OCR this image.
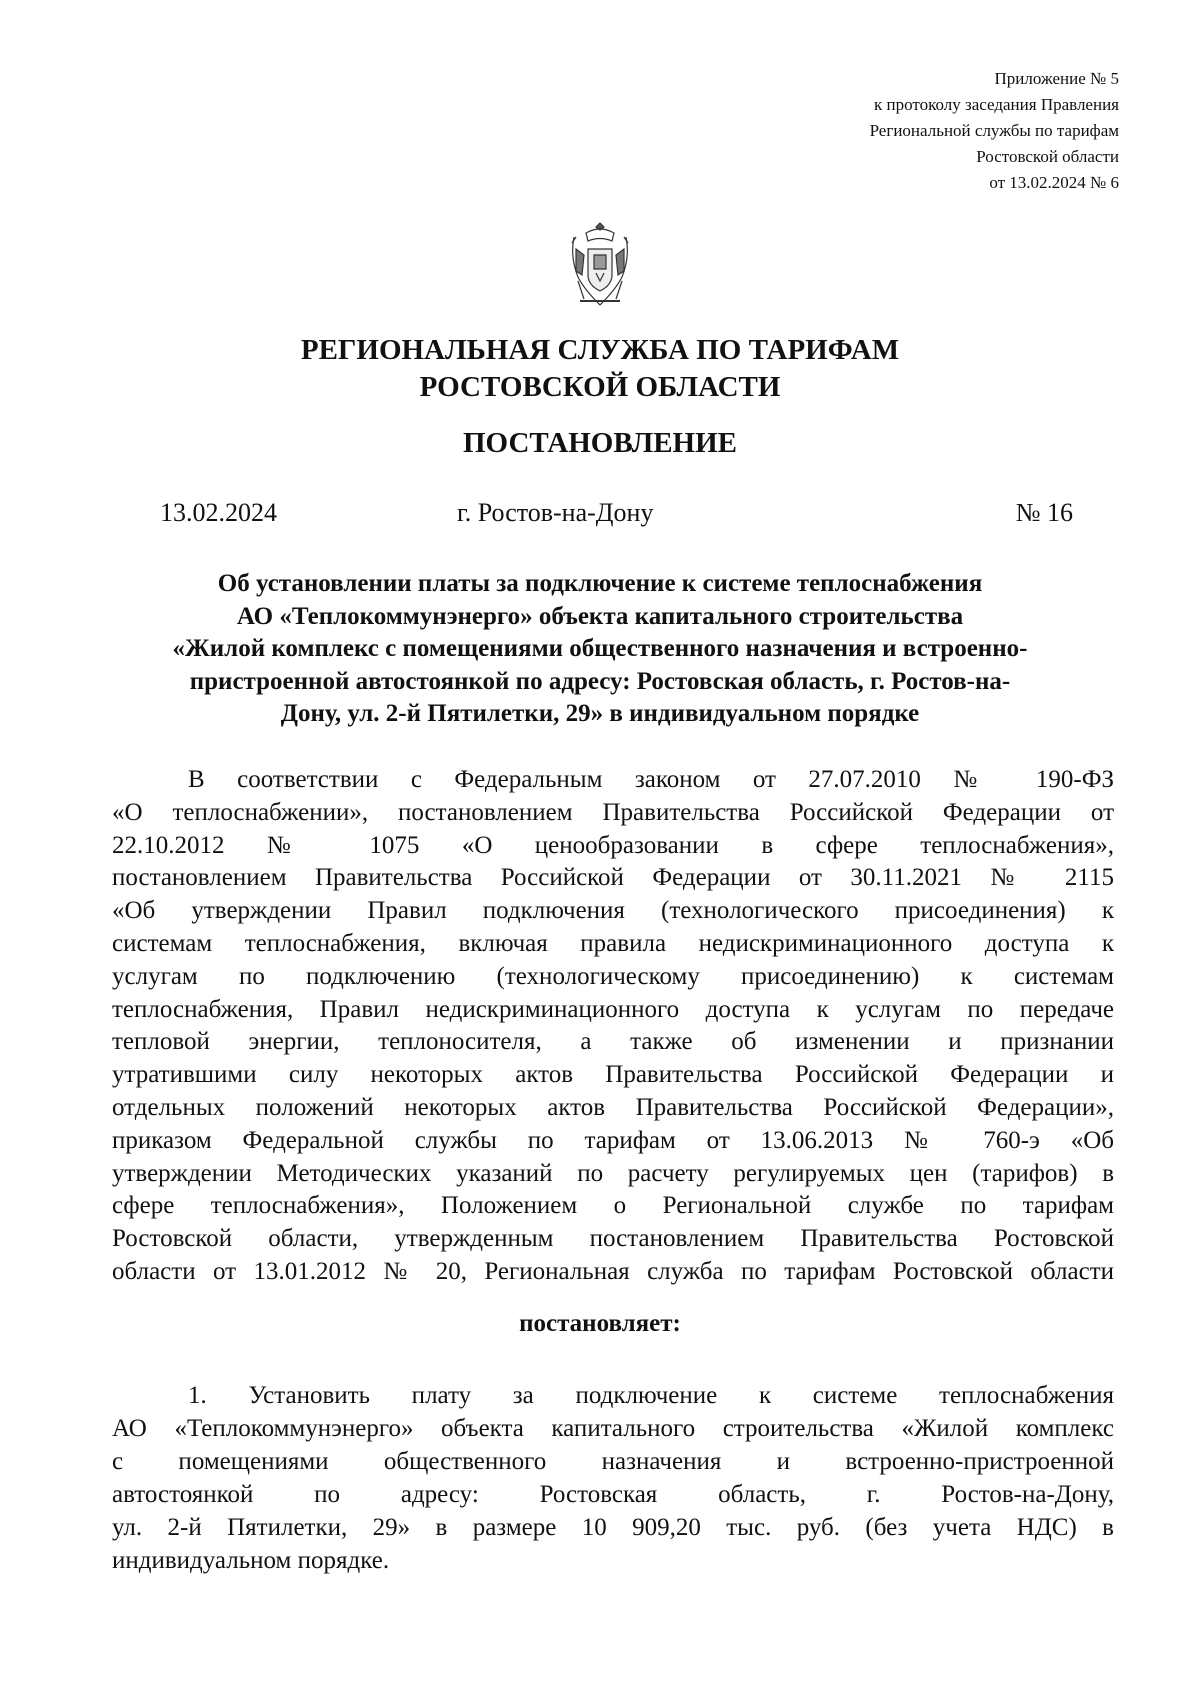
Приложение № 5
к протоколу заседания Правления
Региональной службы по тарифам
Ростовской области
от 13.02.2024 № 6
РЕГИОНАЛЬНАЯ СЛУЖБА ПО ТАРИФАМ
РОСТОВСКОЙ ОБЛАСТИ
ПОСТАНОВЛЕНИЕ
13.02.2024	г. Ростов-на-Дону	№ 16
Об установлении платы за подключение к системе теплоснабжения
АО «Теплокоммунэнерго» объекта капитального строительства
«Жилой комплекс с помещениями общественного назначения и встроенно-
пристроенной автостоянкой по адресу: Ростовская область, г. Ростов-на-
Дону, ул. 2-й Пятилетки, 29» в индивидуальном порядке
В соответствии с Федеральным законом от 27.07.2010 № 190-ФЗ
«О теплоснабжении», постановлением Правительства Российской Федерации от
22.10.2012 № 1075 «О ценообразовании в сфере теплоснабжения»,
постановлением Правительства Российской Федерации от 30.11.2021 № 2115
«Об утверждении Правил подключения (технологического присоединения) к
системам теплоснабжения, включая правила недискриминационного доступа к
услугам по подключению (технологическому присоединению) к системам
теплоснабжения, Правил недискриминационного доступа к услугам по передаче
тепловой энергии, теплоносителя, а также об изменении и признании
утратившими силу некоторых актов Правительства Российской Федерации и
отдельных положений некоторых актов Правительства Российской Федерации»,
приказом Федеральной службы по тарифам от 13.06.2013 № 760-э «Об
утверждении Методических указаний по расчету регулируемых цен (тарифов) в
сфере теплоснабжения», Положением о Региональной службе по тарифам
Ростовской области, утвержденным постановлением Правительства Ростовской
области от 13.01.2012 № 20, Региональная служба по тарифам Ростовской области
постановляет:
1. Установить плату за подключение к системе теплоснабжения
АО «Теплокоммунэнерго» объекта капитального строительства «Жилой комплекс
с помещениями общественного назначения и встроенно-пристроенной
автостоянкой по адресу: Ростовская область, г. Ростов-на-Дону,
ул. 2-й Пятилетки, 29» в размере 10 909,20 тыс. руб. (без учета НДС) в
индивидуальном порядке.
